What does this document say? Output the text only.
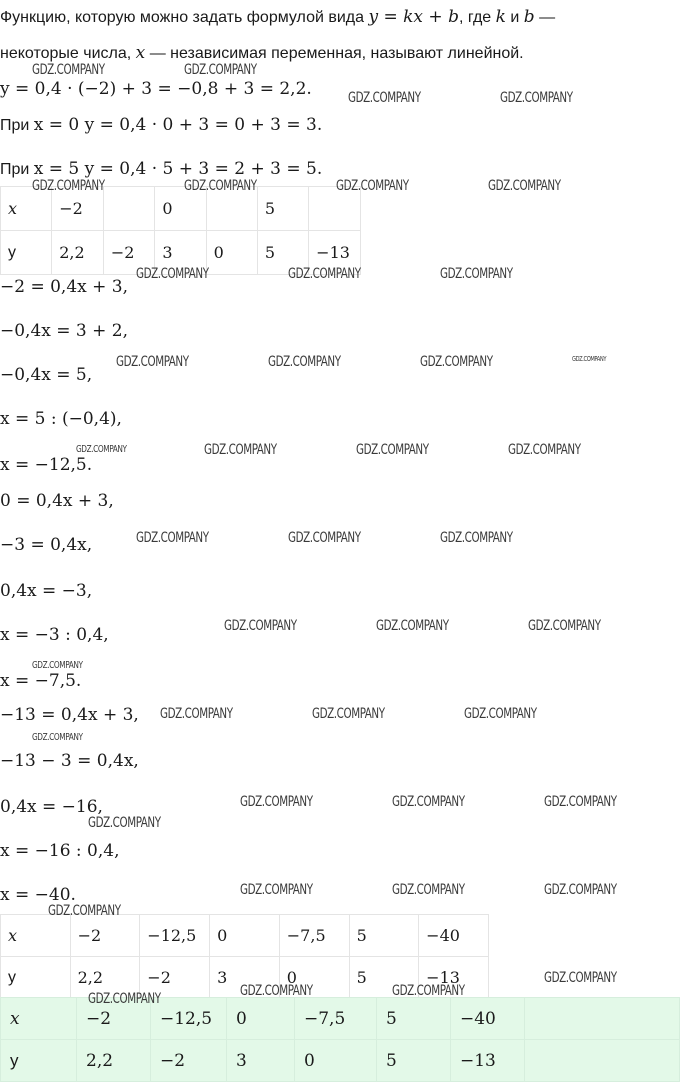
Функцию, которую можно задать формулой вида y = kx + b, где k и b —
некоторые числа, x — независимая переменная, называют линейной.
y = 0,4 · (−2) + 3 = −0,8 + 3 = 2,2.
При x = 0 y = 0,4 · 0 + 3 = 0 + 3 = 3.
При x = 5 y = 0,4 · 5 + 3 = 2 + 3 = 5.
x	−2		0		5	
y	2,2	−2	3	0	5	−13
−2 = 0,4x + 3,
−0,4x = 3 + 2,
−0,4x = 5,
x = 5 : (−0,4),
x = −12,5.
0 = 0,4x + 3,
−3 = 0,4x,
0,4x = −3,
x = −3 : 0,4,
x = −7,5.
−13 = 0,4x + 3,
−13 − 3 = 0,4x,
0,4x = −16,
x = −16 : 0,4,
x = −40.
x	−2	−12,5	0	−7,5	5	−40
y	2,2	−2	3	0	5	−13
x	−2	−12,5	0	−7,5	5	−40	
y	2,2	−2	3	0	5	−13	
GDZ.COMPANY	GDZ.COMPANY
GDZ.COMPANY	GDZ.COMPANY
GDZ.COMPANY	GDZ.COMPANY	GDZ.COMPANY	GDZ.COMPANY
GDZ.COMPANY	GDZ.COMPANY	GDZ.COMPANY
GDZ.COMPANY	GDZ.COMPANY	GDZ.COMPANY	GDZ.COMPANY
GDZ.COMPANY	GDZ.COMPANY	GDZ.COMPANY	GDZ.COMPANY
GDZ.COMPANY	GDZ.COMPANY	GDZ.COMPANY
GDZ.COMPANY	GDZ.COMPANY	GDZ.COMPANY
GDZ.COMPANY
GDZ.COMPANY	GDZ.COMPANY	GDZ.COMPANY
GDZ.COMPANY
GDZ.COMPANY	GDZ.COMPANY	GDZ.COMPANY
GDZ.COMPANY
GDZ.COMPANY	GDZ.COMPANY	GDZ.COMPANY
GDZ.COMPANY
GDZ.COMPANY
GDZ.COMPANY	GDZ.COMPANY	GDZ.COMPANY
